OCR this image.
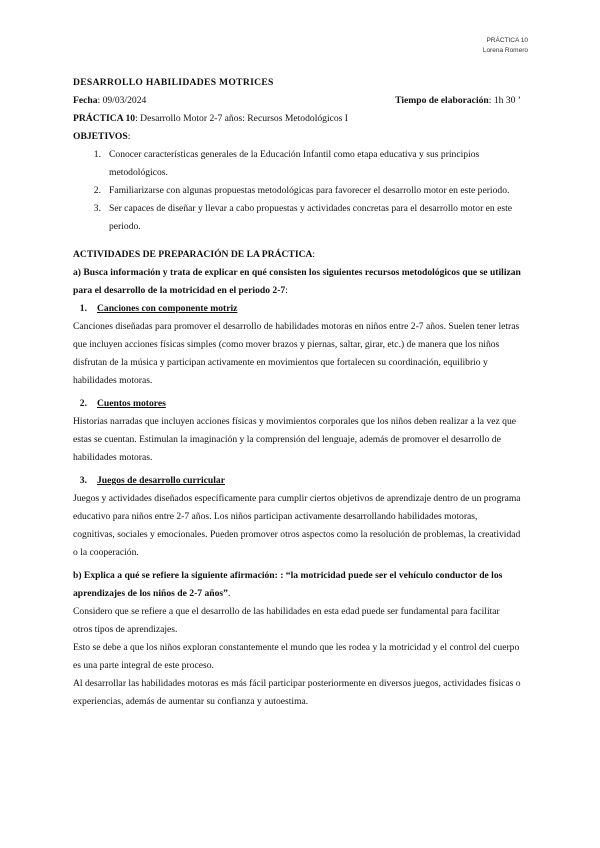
PRÁCTICA 10
Lorena Romero

DESARROLLO HABILIDADES MOTRICES

Fecha: 09/03/2024	Tiempo de elaboración: 1h 30 ’

PRÁCTICA 10: Desarrollo Motor 2-7 años: Recursos Metodológicos I

OBJETIVOS:

1. Conocer características generales de la Educación Infantil como etapa educativa y sus principios metodológicos.
2. Familiarizarse con algunas propuestas metodológicas para favorecer el desarrollo motor en este periodo.
3. Ser capaces de diseñar y llevar a cabo propuestas y actividades concretas para el desarrollo motor en este periodo.

ACTIVIDADES DE PREPARACIÓN DE LA PRÁCTICA:

a) Busca información y trata de explicar en qué consisten los siguientes recursos metodológicos que se utilizan para el desarrollo de la motricidad en el periodo 2-7:

1.	Canciones con componente motriz

Canciones diseñadas para promover el desarrollo de habilidades motoras en niños entre 2-7 años. Suelen tener letras que incluyen acciones físicas simples (como mover brazos y piernas, saltar, girar, etc.) de manera que los niños disfrutan de la música y participan activamente en movimientos que fortalecen su coordinación, equilibrio y habilidades motoras.

2.	Cuentos motores

Historias narradas que incluyen acciones físicas y movimientos corporales que los niños deben realizar a la vez que estas se cuentan. Estimulan la imaginación y la comprensión del lenguaje, además de promover el desarrollo de habilidades motoras.

3.	Juegos de desarrollo curricular

Juegos y actividades diseñados específicamente para cumplir ciertos objetivos de aprendizaje dentro de un programa educativo para niños entre 2-7 años. Los niños participan activamente desarrollando habilidades motoras, cognitivas, sociales y emocionales. Pueden promover otros aspectos como la resolución de problemas, la creatividad o la cooperación.

b) Explica a qué se refiere la siguiente afirmación: : “la motricidad puede ser el vehículo conductor de los aprendizajes de los niños de 2-7 años”.

Considero que se refiere a que el desarrollo de las habilidades en esta edad puede ser fundamental para facilitar otros tipos de aprendizajes.

Esto se debe a que los niños exploran constantemente el mundo que les rodea y la motricidad y el control del cuerpo es una parte integral de este proceso.

Al desarrollar las habilidades motoras es más fácil participar posteriormente en diversos juegos, actividades físicas o experiencias, además de aumentar su confianza y autoestima.
